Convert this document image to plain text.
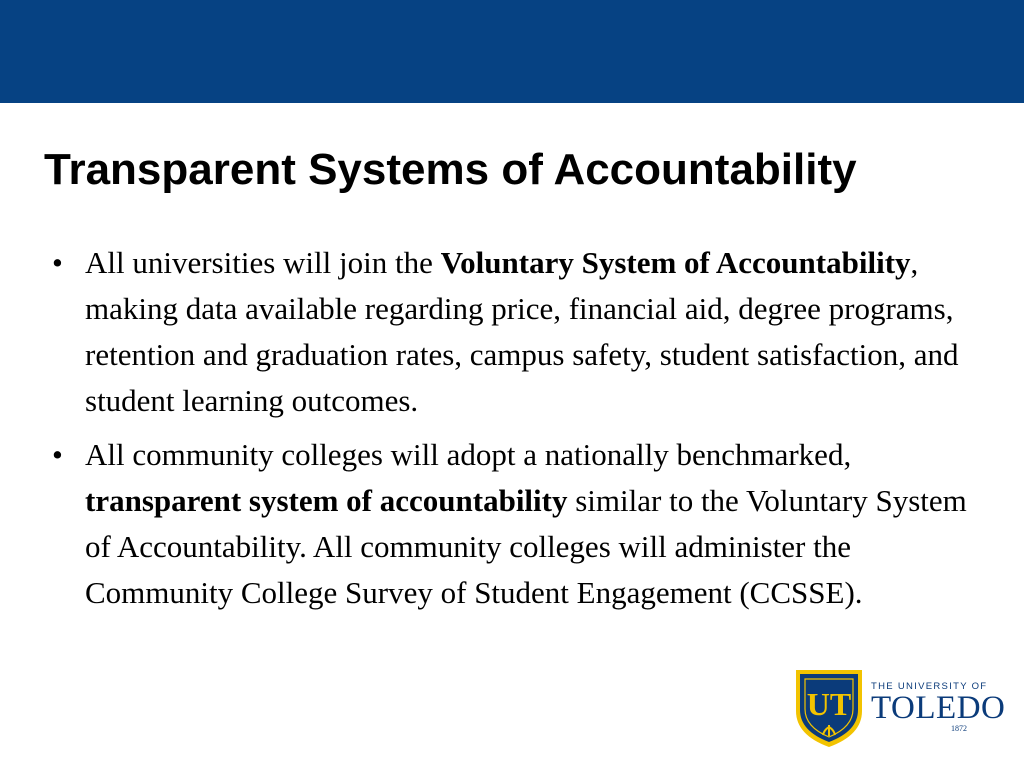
Transparent Systems of Accountability
• All universities will join the Voluntary System of Accountability, making data available regarding price, financial aid, degree programs, retention and graduation rates, campus safety, student satisfaction, and student learning outcomes.
• All community colleges will adopt a nationally benchmarked, transparent system of accountability similar to the Voluntary System of Accountability. All community colleges will administer the Community College Survey of Student Engagement (CCSSE).
UT THE UNIVERSITY OF
TOLEDO
1872
